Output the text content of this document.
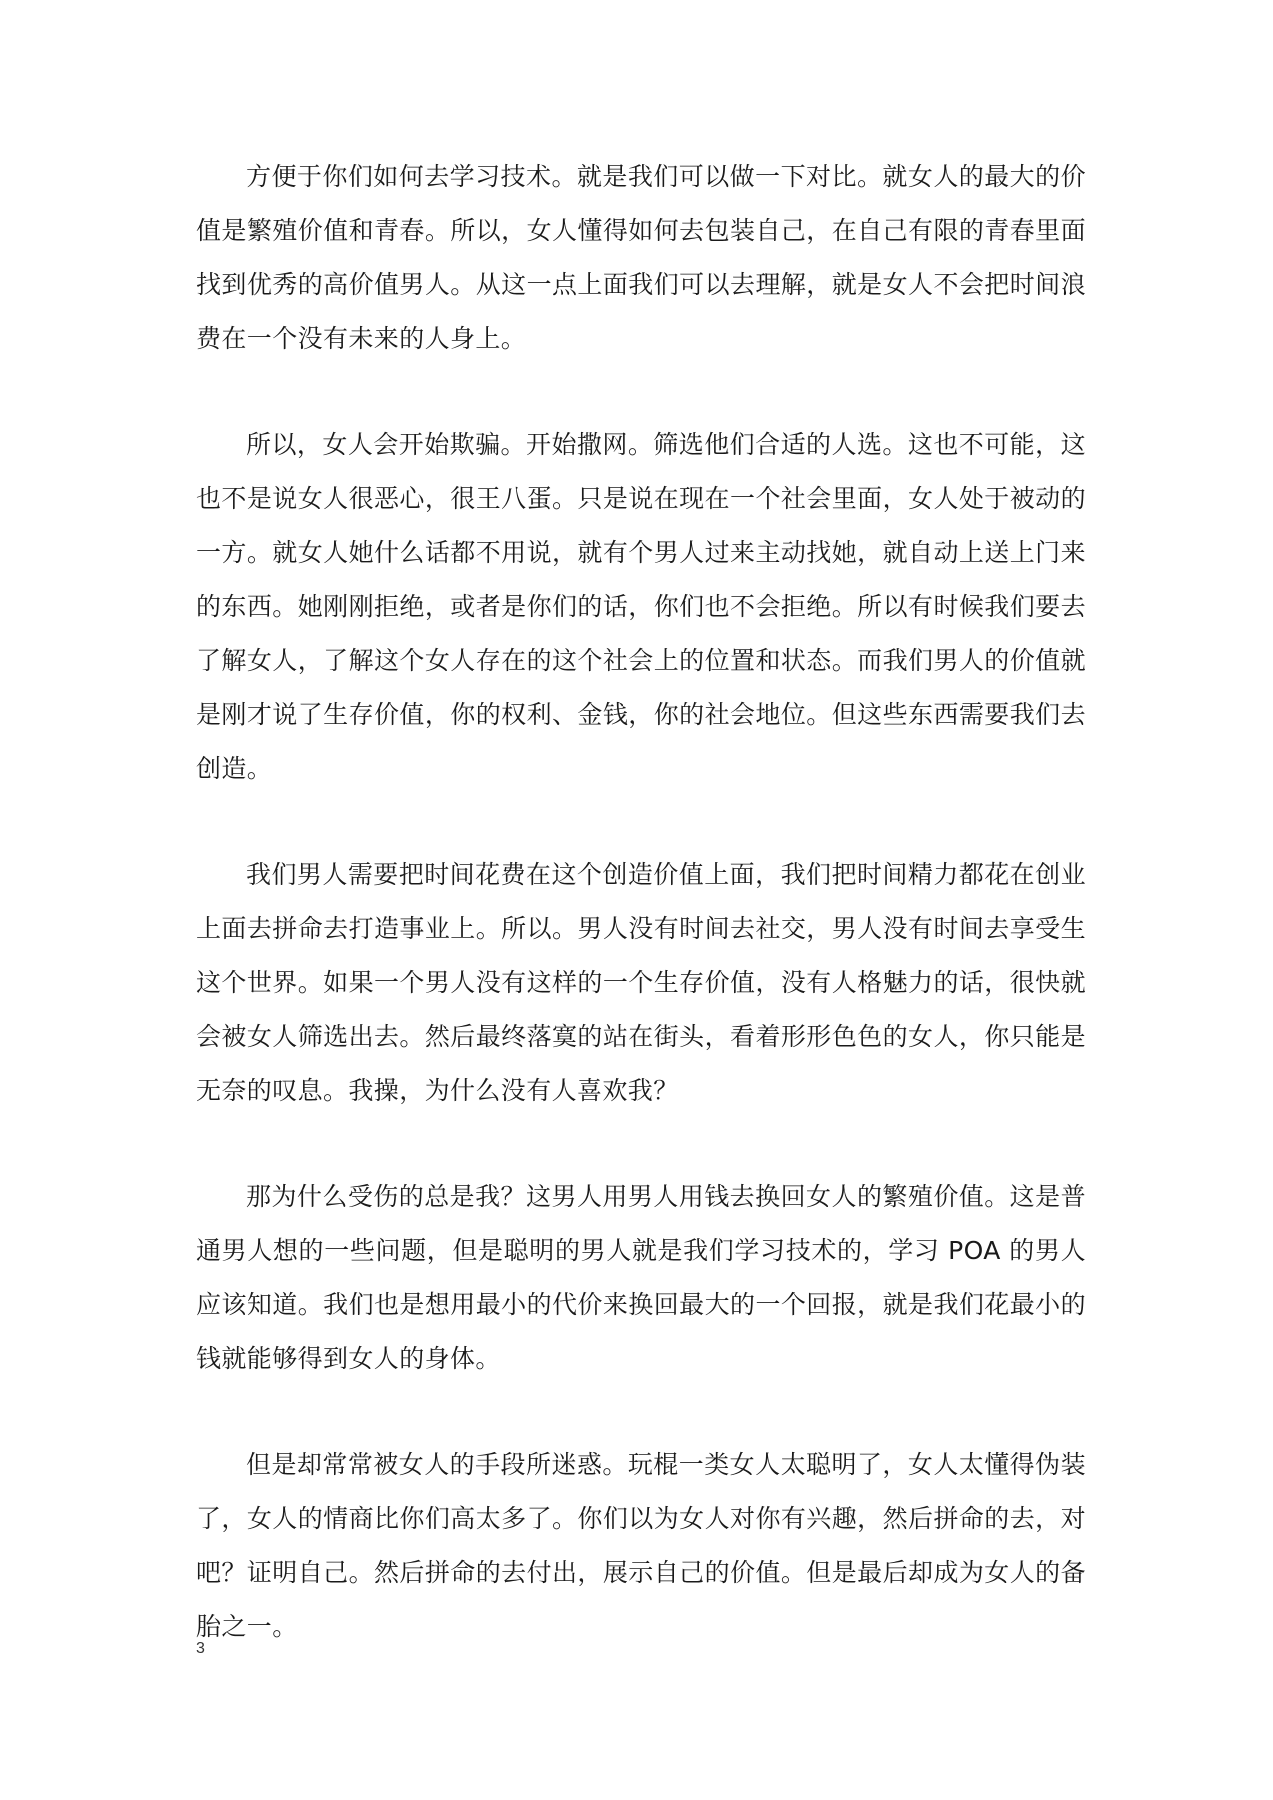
方便于你们如何去学习技术。就是我们可以做一下对比。就女人的最大的价值是繁殖价值和青春。所以，女人懂得如何去包装自己，在自己有限的青春里面找到优秀的高价值男人。从这一点上面我们可以去理解，就是女人不会把时间浪费在一个没有未来的人身上。

所以，女人会开始欺骗。开始撒网。筛选他们合适的人选。这也不可能，这也不是说女人很恶心，很王八蛋。只是说在现在一个社会里面，女人处于被动的一方。就女人她什么话都不用说，就有个男人过来主动找她，就自动上送上门来的东西。她刚刚拒绝，或者是你们的话，你们也不会拒绝。所以有时候我们要去了解女人，了解这个女人存在的这个社会上的位置和状态。而我们男人的价值就是刚才说了生存价值，你的权利、金钱，你的社会地位。但这些东西需要我们去创造。

我们男人需要把时间花费在这个创造价值上面，我们把时间精力都花在创业上面去拼命去打造事业上。所以。男人没有时间去社交，男人没有时间去享受生这个世界。如果一个男人没有这样的一个生存价值，没有人格魅力的话，很快就会被女人筛选出去。然后最终落寞的站在街头，看着形形色色的女人，你只能是无奈的叹息。我操，为什么没有人喜欢我？

那为什么受伤的总是我？这男人用男人用钱去换回女人的繁殖价值。这是普通男人想的一些问题，但是聪明的男人就是我们学习技术的，学习 POA 的男人应该知道。我们也是想用最小的代价来换回最大的一个回报，就是我们花最小的钱就能够得到女人的身体。

但是却常常被女人的手段所迷惑。玩棍一类女人太聪明了，女人太懂得伪装了，女人的情商比你们高太多了。你们以为女人对你有兴趣，然后拼命的去，对吧？证明自己。然后拼命的去付出，展示自己的价值。但是最后却成为女人的备胎之一。

3
